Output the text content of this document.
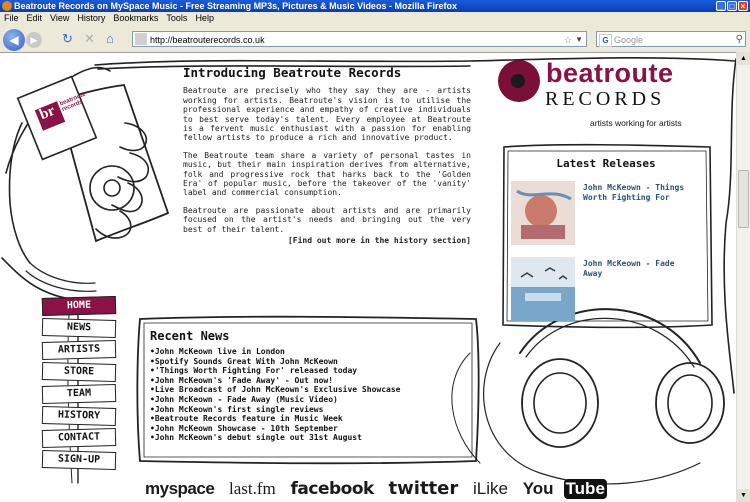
Beatroute Records on MySpace Music - Free Streaming MP3s, Pictures & Music Videos - Mozilla Firefox	_ □ ×
File Edit View History Bookmarks Tools Help
◀	▶	↻ ✕ ⌂	http://beatrouterecords.co.uk	☆ ▼	G Google	⚲
br
beatroute records
Introducing Beatroute Records

Beatroute are precisely who they say they are - artists working for artists. Beatroute's vision is to utilise the professional experience and empathy of creative individuals to best serve today's talent. Every employee at Beatroute is a fervent music enthusiast with a passion for enabling fellow artists to produce a rich and innovative product.

The Beatroute team share a variety of personal tastes in music, but their main inspiration derives from alternative, folk and progressive rock that harks back to the 'Golden Era' of popular music, before the takeover of the 'vanity' label and commercial consumption.

Beatroute are passionate about artists and are primarily focused on the artist's needs and bringing out the very best of their talent.

[Find out more in the history section]

beatroute
RECORDS
artists working for artists
Latest Releases
John McKeown - Things Worth Fighting For
John McKeown - Fade Away
Recent News
• John McKeown live in London
• Spotify Sounds Great With John McKeown
• 'Things Worth Fighting For' released today
• John McKeown's 'Fade Away' - Out now!
• Live Broadcast of John McKeown's Exclusive Showcase
• John McKeown - Fade Away (Music Video)
• John McKeown's first single reviews
• Beatroute Records feature in Music Week
• John McKeown Showcase - 10th September
• John McKeown's debut single out 31st August
HOME
NEWS
ARTISTS
STORE
TEAM
HISTORY
CONTACT
SIGN-UP
myspace last.fm facebook twitter iLike You Tube
▲
▼
